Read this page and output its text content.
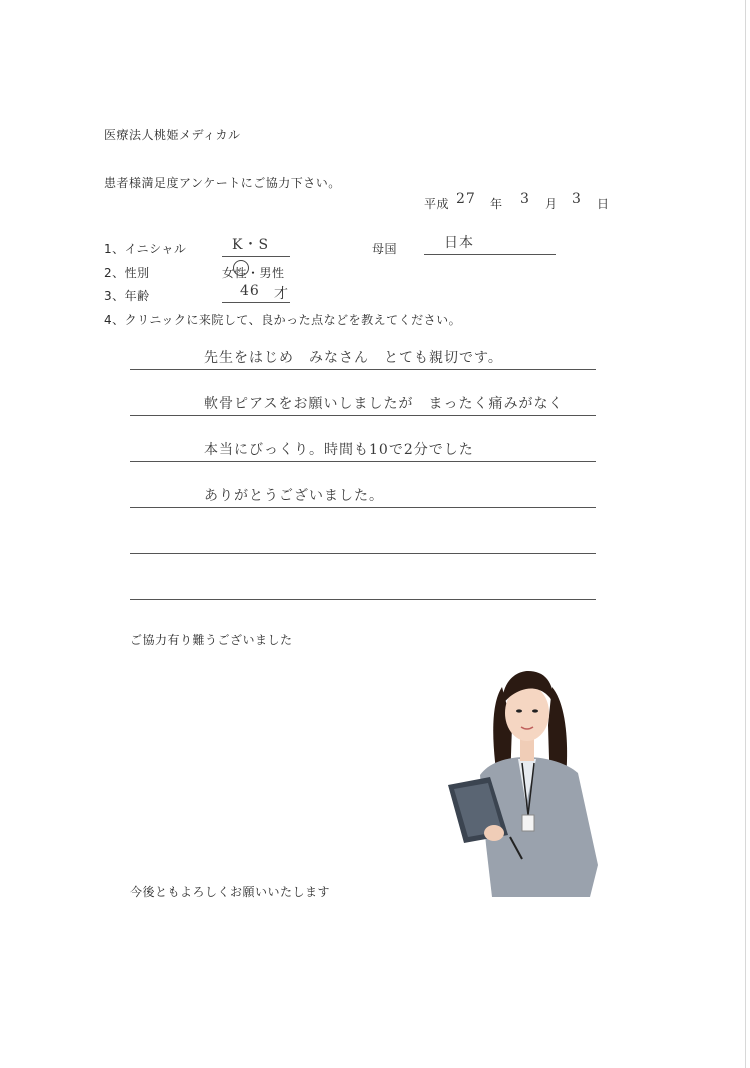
医療法人桃姫メディカル
患者様満足度アンケートにご協力下さい。
平成 27 年 3 月 3 日
1、イニシャル	K・S	母国	日本
2、性別	女性・男性
3、年齢	46 才
4、クリニックに来院して、良かった点などを教えてください。
先生をはじめ　みなさん　とても親切です。
軟骨ピアスをお願いしましたが　まったく痛みがなく
本当にびっくり。時間も10で2分でした
ありがとうございました。
ご協力有り難うございました
今後ともよろしくお願いいたします
